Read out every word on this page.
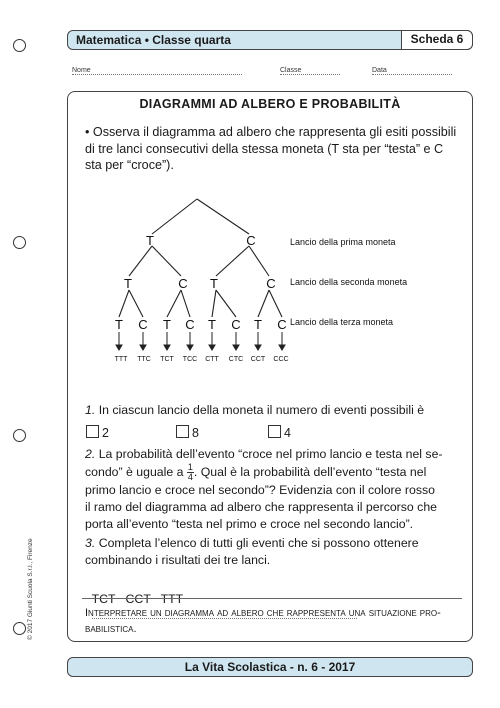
Matematica • Classe quarta	Scheda 6
Nome	Classe	Data
DIAGRAMMI AD ALBERO E PROBABILITÀ
• Osserva il diagramma ad albero che rappresenta gli esiti possibili di tre lanci consecutivi della stessa moneta (T sta per “testa” e C sta per “croce”).
T	C
T	C T	C
T C T C T C T C
TTT TTC TCT TCC CTT CTC CCT CCC
Lancio della prima moneta
Lancio della seconda moneta
Lancio della terza moneta
1. In ciascun lancio della moneta il numero di eventi possibili è
2	8	4
2. La probabilità dell’evento “croce nel primo lancio e testa nel se-
condo” è uguale a $\frac{1}{4}$. Qual è la probabilità dell’evento “testa nel
primo lancio e croce nel secondo”? Evidenzia con il colore rosso
il ramo del diagramma ad albero che rappresenta il percorso che
porta all’evento “testa nel primo e croce nel secondo lancio”.
3. Completa l’elenco di tutti gli eventi che si possono ottenere
combinando i risultati dei tre lanci.

TCT   CCT   TTT

Interpretare un diagramma ad albero che rappresenta una situazione pro-
babilistica.
© 2017 Giunti Scuola S.r.l., Firenze
La Vita Scolastica - n. 6 - 2017
